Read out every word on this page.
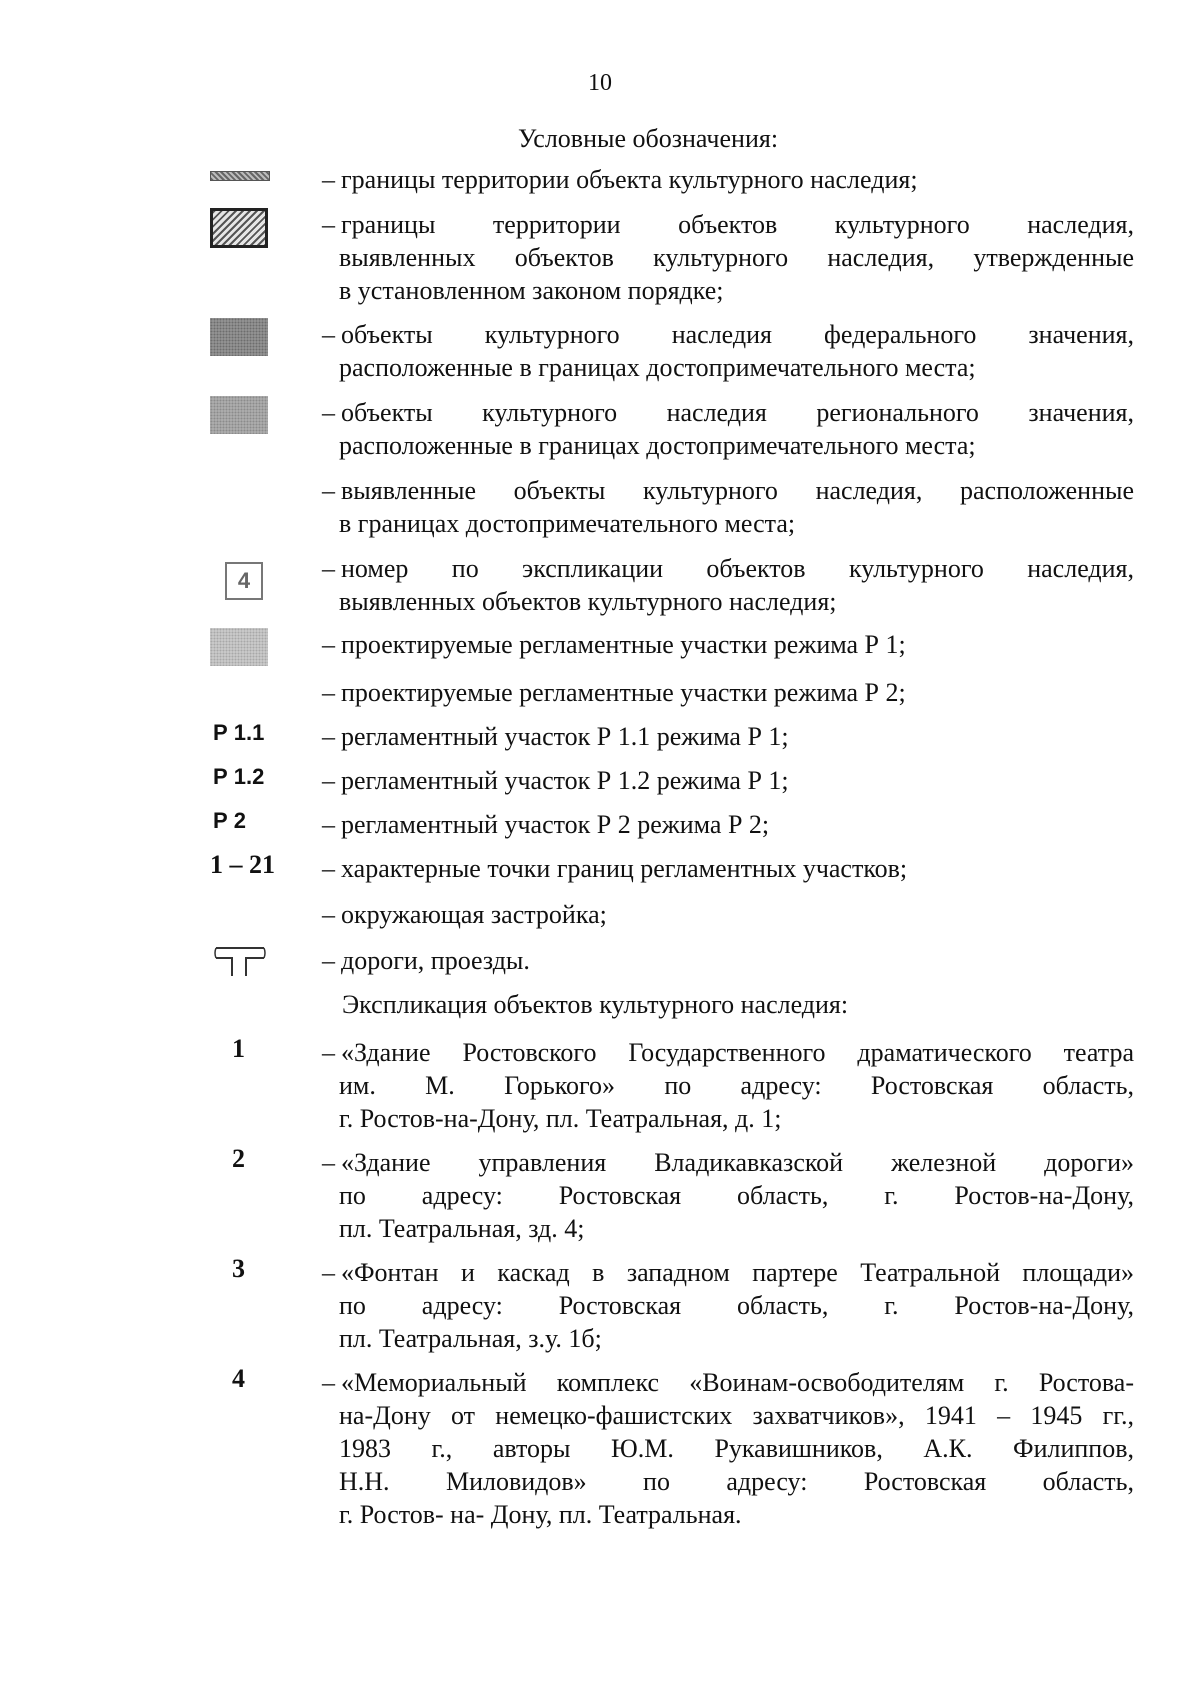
10
Условные обозначения:
– границы территории объекта культурного наследия;
– границы территории объектов культурного наследия,
выявленных объектов культурного наследия, утвержденные
в установленном законом порядке;
– объекты культурного наследия федерального значения,
расположенные в границах достопримечательного места;
– объекты культурного наследия регионального значения,
расположенные в границах достопримечательного места;
– выявленные объекты культурного наследия, расположенные
в границах достопримечательного места;
4	– номер по экспликации объектов культурного наследия,
выявленных объектов культурного наследия;
– проектируемые регламентные участки режима Р 1;
– проектируемые регламентные участки режима Р 2;
Р 1.1 – регламентный участок Р 1.1 режима Р 1;
Р 1.2 – регламентный участок Р 1.2 режима Р 1;
Р 2	– регламентный участок Р 2 режима Р 2;
1 – 21 – характерные точки границ регламентных участков;
– окружающая застройка;
– дороги, проезды.
Экспликация объектов культурного наследия:
1	– «Здание Ростовского Государственного драматического театра
им. М. Горького» по адресу: Ростовская область,
г. Ростов-на-Дону, пл. Театральная, д. 1;
2	– «Здание управления Владикавказской железной дороги»
по адресу: Ростовская область, г. Ростов-на-Дону,
пл. Театральная, зд. 4;
3	– «Фонтан и каскад в западном партере Театральной площади»
по адресу: Ростовская область, г. Ростов-на-Дону,
пл. Театральная, з.у. 1б;
4	– «Мемориальный комплекс «Воинам-освободителям г. Ростова-
на-Дону от немецко-фашистских захватчиков», 1941 – 1945 гг.,
1983 г., авторы Ю.М. Рукавишников, А.К. Филиппов,
Н.Н. Миловидов» по адресу: Ростовская область,
г. Ростов- на- Дону, пл. Театральная.
